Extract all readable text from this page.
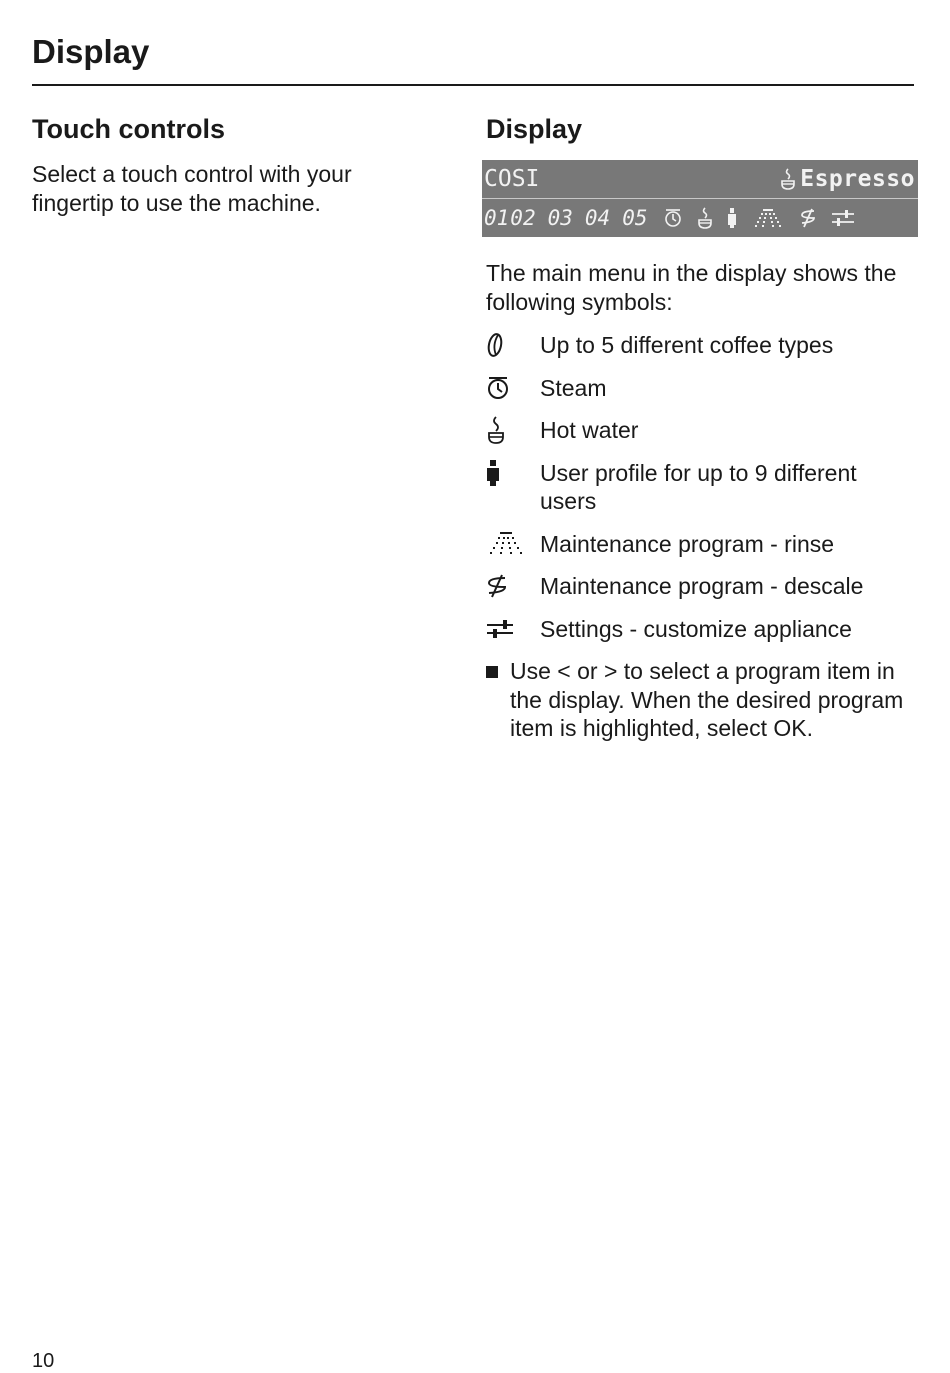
Display
Touch controls

Select a touch control with your fingertip to use the machine.

Display
COSI	Espresso
01 02 03 04 05

The main menu in the display shows the following symbols:

Up to 5 different coffee types
Steam
Hot water
User profile for up to 9 different users
Maintenance program - rinse
Maintenance program - descale
Settings - customize appliance
Use < or > to select a program item in the display. When the desired program item is highlighted, select OK.
10
